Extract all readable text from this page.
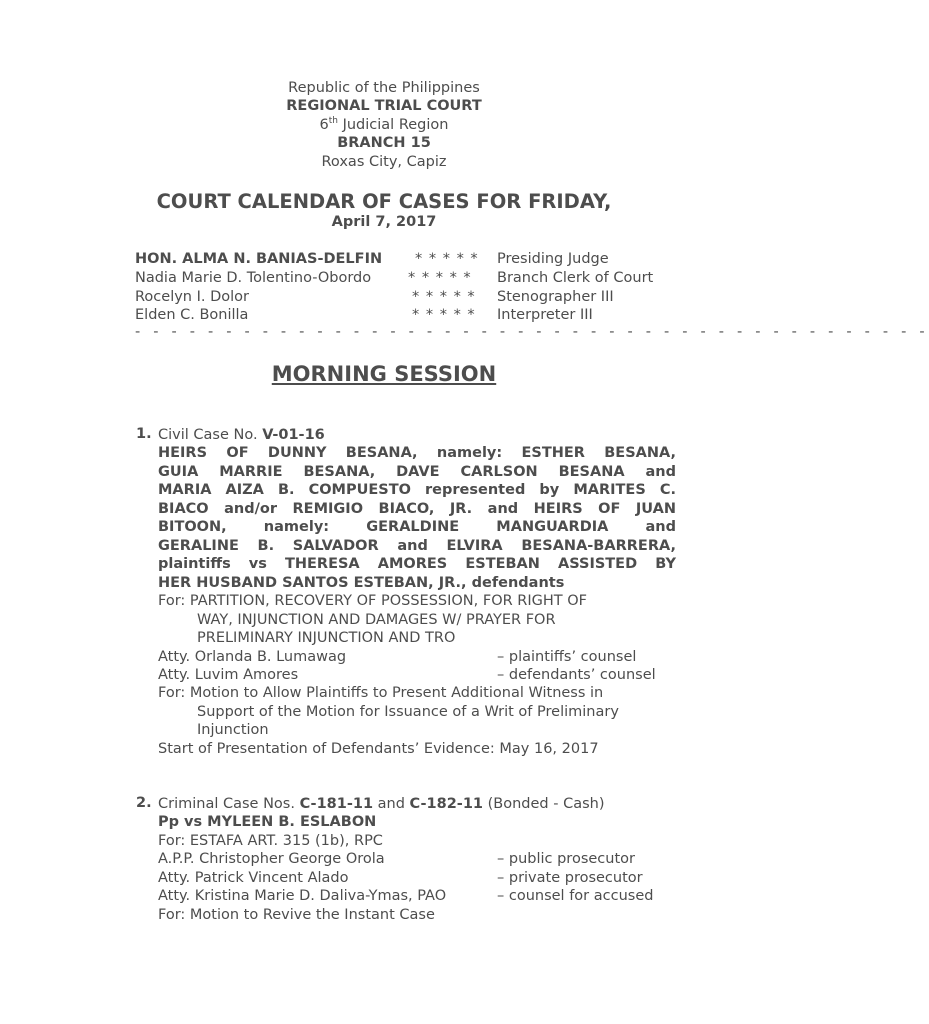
Republic of the Philippines
REGIONAL TRIAL COURT
6th Judicial Region
BRANCH 15
Roxas City, Capiz
COURT CALENDAR OF CASES FOR FRIDAY,
April 7, 2017
HON. ALMA N. BANIAS-DELFIN * * * * * Presiding Judge
Nadia Marie D. Tolentino-Obordo	* * * * * Branch Clerk of Court
Rocelyn I. Dolor	* * * * * Stenographer III
Elden C. Bonilla	* * * * * Interpreter III
- - - - - - - - - - - - - - - - - - - - - - - - - - - - - - - - - - - - - - - - - - - -
MORNING SESSION
1. Civil Case No. V-01-16
HEIRS OF DUNNY BESANA, namely: ESTHER BESANA,
GUIA MARRIE BESANA, DAVE CARLSON BESANA and
MARIA AIZA B. COMPUESTO represented by MARITES C.
BIACO and/or REMIGIO BIACO, JR. and HEIRS OF JUAN
BITOON, namely: GERALDINE MANGUARDIA and
GERALINE B. SALVADOR and ELVIRA BESANA-BARRERA,
plaintiffs vs THERESA AMORES ESTEBAN ASSISTED BY
HER HUSBAND SANTOS ESTEBAN, JR., defendants
For: PARTITION, RECOVERY OF POSSESSION, FOR RIGHT OF
WAY, INJUNCTION AND DAMAGES W/ PRAYER FOR
PRELIMINARY INJUNCTION AND TRO
Atty. Orlanda B. Lumawag	– plaintiffs’ counsel
Atty. Luvim Amores	– defendants’ counsel
For: Motion to Allow Plaintiffs to Present Additional Witness in
Support of the Motion for Issuance of a Writ of Preliminary
Injunction
Start of Presentation of Defendants’ Evidence: May 16, 2017
2. Criminal Case Nos. C-181-11 and C-182-11 (Bonded - Cash)
Pp vs MYLEEN B. ESLABON
For: ESTAFA ART. 315 (1b), RPC
A.P.P. Christopher George Orola	– public prosecutor
Atty. Patrick Vincent Alado	– private prosecutor
Atty. Kristina Marie D. Daliva-Ymas, PAO	– counsel for accused
For: Motion to Revive the Instant Case
